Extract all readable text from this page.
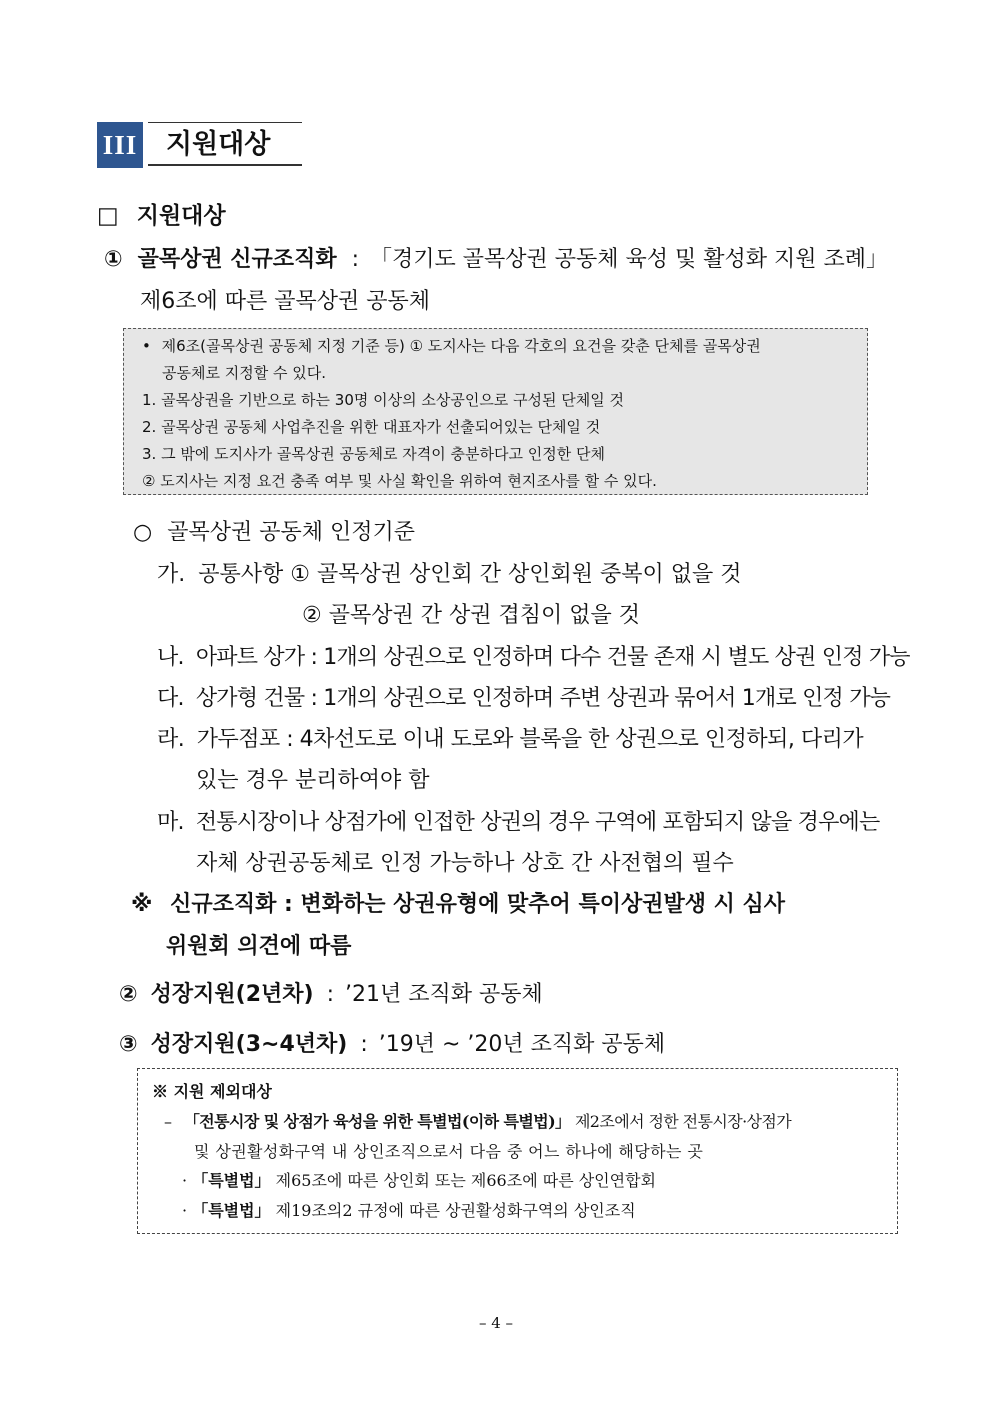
III	지원대상
□ 지원대상
① 골목상권 신규조직화 : 「경기도 골목상권 공동체 육성 및 활성화 지원 조례」
제6조에 따른 골목상권 공동체
• 제6조(골목상권 공동체 지정 기준 등) ① 도지사는 다음 각호의 요건을 갖춘 단체를 골목상권
공동체로 지정할 수 있다.
1. 골목상권을 기반으로 하는 30명 이상의 소상공인으로 구성된 단체일 것
2. 골목상권 공동체 사업추진을 위한 대표자가 선출되어있는 단체일 것
3. 그 밖에 도지사가 골목상권 공동체로 자격이 충분하다고 인정한 단체
② 도지사는 지정 요건 충족 여부 및 사실 확인을 위하여 현지조사를 할 수 있다.
○ 골목상권 공동체 인정기준
가. 공통사항 ① 골목상권 상인회 간 상인회원 중복이 없을 것
② 골목상권 간 상권 겹침이 없을 것
나. 아파트 상가 : 1개의 상권으로 인정하며 다수 건물 존재 시 별도 상권 인정 가능
다. 상가형 건물 : 1개의 상권으로 인정하며 주변 상권과 묶어서 1개로 인정 가능
라. 가두점포 : 4차선도로 이내 도로와 블록을 한 상권으로 인정하되, 다리가
있는 경우 분리하여야 함
마. 전통시장이나 상점가에 인접한 상권의 경우 구역에 포함되지 않을 경우에는
자체 상권공동체로 인정 가능하나 상호 간 사전협의 필수
※ 신규조직화 : 변화하는 상권유형에 맞추어 특이상권발생 시 심사
위원회 의견에 따름
② 성장지원(2년차) : ’21년 조직화 공동체
③ 성장지원(3~4년차) : ’19년 ~ ’20년 조직화 공동체
※ 지원 제외대상
– 「전통시장 및 상점가 육성을 위한 특별법(이하 특별법)」 제2조에서 정한 전통시장·상점가
및 상권활성화구역 내 상인조직으로서 다음 중 어느 하나에 해당하는 곳
· 「특별법」 제65조에 따른 상인회 또는 제66조에 따른 상인연합회
· 「특별법」 제19조의2 규정에 따른 상권활성화구역의 상인조직
– 4 –
